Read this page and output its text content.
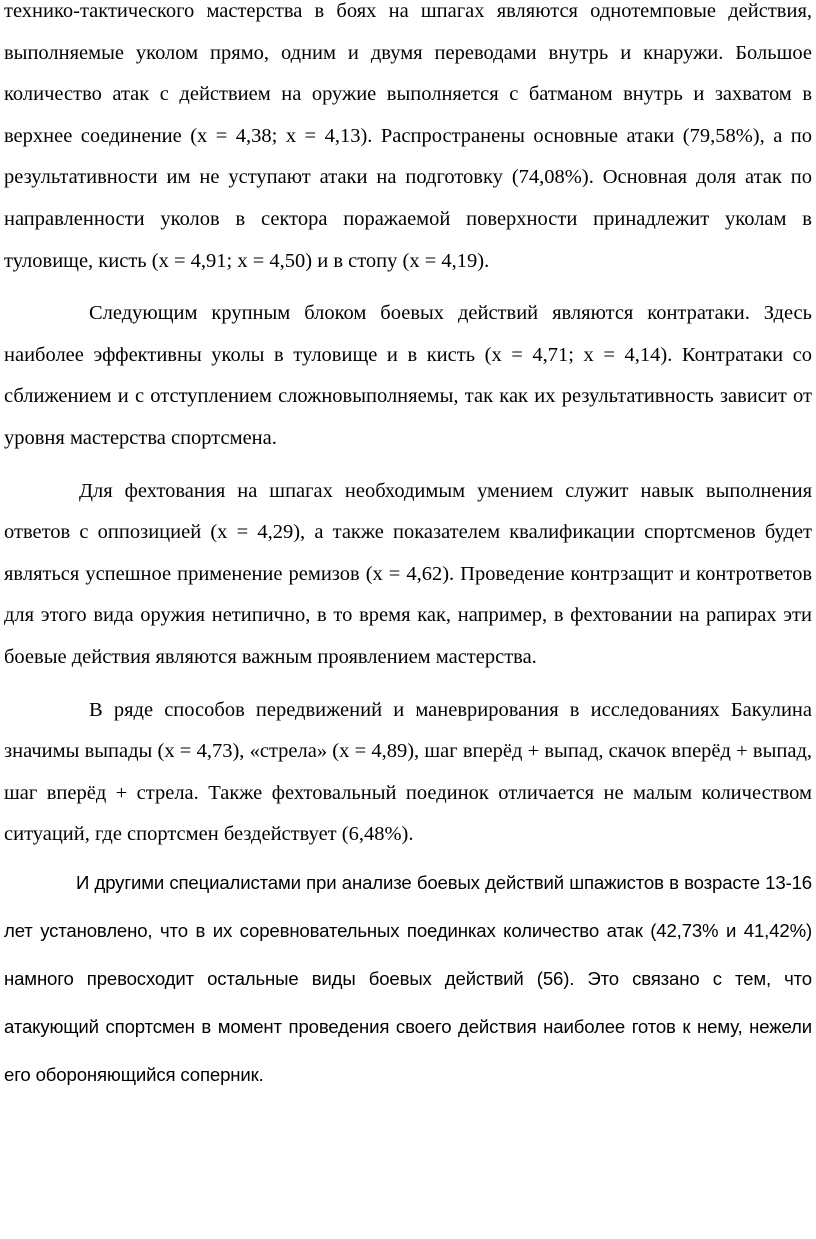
технико-тактического мастерства в боях на шпагах являются однотемповые действия, выполняемые уколом прямо, одним и двумя переводами внутрь и кнаружи. Большое количество атак с действием на оружие выполняется с батманом внутрь и захватом в верхнее соединение (x = 4,38; x = 4,13). Распространены основные атаки (79,58%), а по результативности им не уступают атаки на подготовку (74,08%). Основная доля атак по направленности уколов в сектора поражаемой поверхности принадлежит уколам в туловище, кисть (x = 4,91; x = 4,50) и в стопу (x = 4,19).

Следующим крупным блоком боевых действий являются контратаки. Здесь наиболее эффективны уколы в туловище и в кисть (x = 4,71; x = 4,14). Контратаки со сближением и с отступлением сложновыполняемы, так как их результативность зависит от уровня мастерства спортсмена.

Для фехтования на шпагах необходимым умением служит навык выполнения ответов с оппозицией (x = 4,29), а также показателем квалификации спортсменов будет являться успешное применение ремизов (x = 4,62). Проведение контрзащит и контрответов для этого вида оружия нетипично, в то время как, например, в фехтовании на рапирах эти боевые действия являются важным проявлением мастерства.

В ряде способов передвижений и маневрирования в исследованиях Бакулина значимы выпады (x = 4,73), «стрела» (x = 4,89), шаг вперёд + выпад, скачок вперёд + выпад, шаг вперёд + стрела. Также фехтовальный поединок отличается не малым количеством ситуаций, где спортсмен бездействует (6,48%).

И другими специалистами при анализе боевых действий шпажистов в возрасте 13-16 лет установлено, что в их соревновательных поединках количество атак (42,73% и 41,42%) намного превосходит остальные виды боевых действий (56). Это связано с тем, что атакующий спортсмен в момент проведения своего действия наиболее готов к нему, нежели его обороняющийся соперник.
